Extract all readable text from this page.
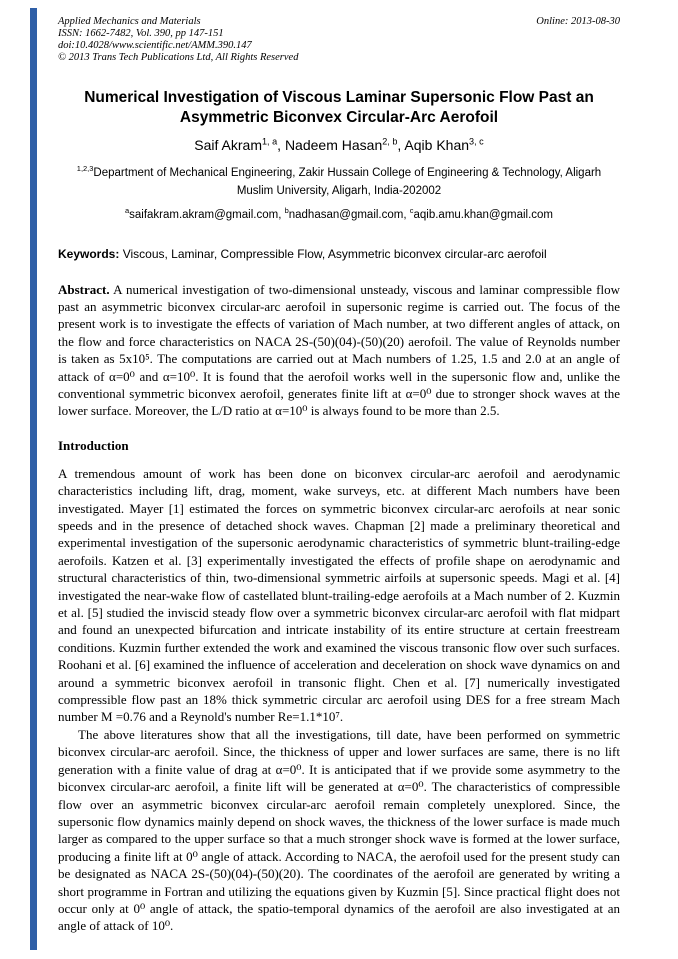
Applied Mechanics and Materials
ISSN: 1662-7482, Vol. 390, pp 147-151
doi:10.4028/www.scientific.net/AMM.390.147
© 2013 Trans Tech Publications Ltd, All Rights Reserved
Online: 2013-08-30
Numerical Investigation of Viscous Laminar Supersonic Flow Past an Asymmetric Biconvex Circular-Arc Aerofoil
Saif Akram$^{1, a}$, Nadeem Hasan$^{2, b}$, Aqib Khan$^{3, c}$
$^{1,2,3}$Department of Mechanical Engineering, Zakir Hussain College of Engineering & Technology, Aligarh Muslim University, Aligarh, India-202002
$^a$saifakram.akram@gmail.com, $^b$nadhasan@gmail.com, $^c$aqib.amu.khan@gmail.com
Keywords: Viscous, Laminar, Compressible Flow, Asymmetric biconvex circular-arc aerofoil

Abstract. A numerical investigation of two-dimensional unsteady, viscous and laminar compressible flow past an asymmetric biconvex circular-arc aerofoil in supersonic regime is carried out. The focus of the present work is to investigate the effects of variation of Mach number, at two different angles of attack, on the flow and force characteristics on NACA 2S-(50)(04)-(50)(20) aerofoil. The value of Reynolds number is taken as 5x10⁵. The computations are carried out at Mach numbers of 1.25, 1.5 and 2.0 at an angle of attack of α=0⁰ and α=10⁰. It is found that the aerofoil works well in the supersonic flow and, unlike the conventional symmetric biconvex aerofoil, generates finite lift at α=0⁰ due to stronger shock waves at the lower surface. Moreover, the L/D ratio at α=10⁰ is always found to be more than 2.5.

Introduction

A tremendous amount of work has been done on biconvex circular-arc aerofoil and aerodynamic characteristics including lift, drag, moment, wake surveys, etc. at different Mach numbers have been investigated. Mayer [1] estimated the forces on symmetric biconvex circular-arc aerofoils at near sonic speeds and in the presence of detached shock waves. Chapman [2] made a preliminary theoretical and experimental investigation of the supersonic aerodynamic characteristics of symmetric blunt-trailing-edge aerofoils. Katzen et al. [3] experimentally investigated the effects of profile shape on aerodynamic and structural characteristics of thin, two-dimensional symmetric airfoils at supersonic speeds. Magi et al. [4] investigated the near-wake flow of castellated blunt-trailing-edge aerofoils at a Mach number of 2. Kuzmin et al. [5] studied the inviscid steady flow over a symmetric biconvex circular-arc aerofoil with flat midpart and found an unexpected bifurcation and intricate instability of its entire structure at certain freestream conditions. Kuzmin further extended the work and examined the viscous transonic flow over such surfaces. Roohani et al. [6] examined the influence of acceleration and deceleration on shock wave dynamics on and around a symmetric biconvex aerofoil in transonic flight. Chen et al. [7] numerically investigated compressible flow past an 18% thick symmetric circular arc aerofoil using DES for a free stream Mach number M =0.76 and a Reynold's number Re=1.1*10⁷.

The above literatures show that all the investigations, till date, have been performed on symmetric biconvex circular-arc aerofoil. Since, the thickness of upper and lower surfaces are same, there is no lift generation with a finite value of drag at α=0⁰. It is anticipated that if we provide some asymmetry to the biconvex circular-arc aerofoil, a finite lift will be generated at α=0⁰. The characteristics of compressible flow over an asymmetric biconvex circular-arc aerofoil remain completely unexplored. Since, the supersonic flow dynamics mainly depend on shock waves, the thickness of the lower surface is made much larger as compared to the upper surface so that a much stronger shock wave is formed at the lower surface, producing a finite lift at 0⁰ angle of attack. According to NACA, the aerofoil used for the present study can be designated as NACA 2S-(50)(04)-(50)(20). The coordinates of the aerofoil are generated by writing a short programme in Fortran and utilizing the equations given by Kuzmin [5]. Since practical flight does not occur only at 0⁰ angle of attack, the spatio-temporal dynamics of the aerofoil are also investigated at an angle of attack of 10⁰.
